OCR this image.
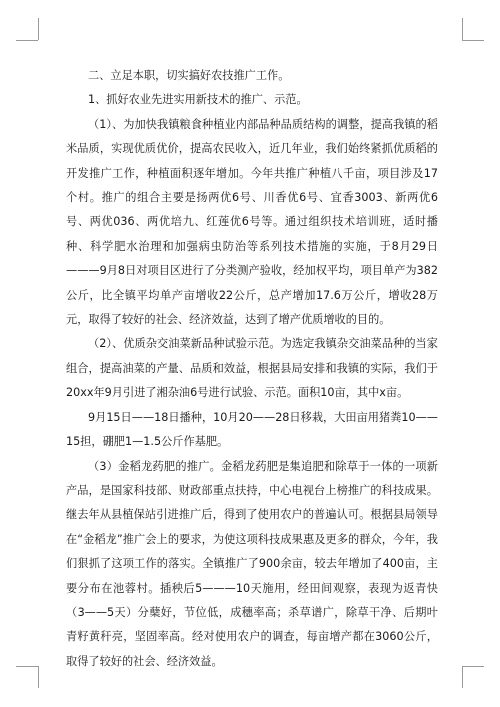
二、立足本职，切实搞好农技推广工作。

1、抓好农业先进实用新技术的推广、示范。

（1）、为加快我镇粮食种植业内部品种品质结构的调整，提高我镇的稻米品质，实现优质优价，提高农民收入，近几年业，我们始终紧抓优质稻的开发推广工作，种植面积逐年增加。今年共推广种植八千亩，项目涉及17个村。推广的组合主要是扬两优6号、川香优6号、宜香3003、新两优6号、两优036、两优培九、红莲优6号等。通过组织技术培训班，适时播种、科学肥水治理和加强病虫防治等系列技术措施的实施，于8月29日———9月8日对项目区进行了分类测产验收，经加权平均，项目单产为382公斤，比全镇平均单产亩增收22公斤，总产增加17.6万公斤，增收28万元，取得了较好的社会、经济效益，达到了增产优质增收的目的。

（2）、优质杂交油菜新品种试验示范。为选定我镇杂交油菜品种的当家组合，提高油菜的产量、品质和效益，根据县局安排和我镇的实际，我们于20xx年9月引进了湘杂油6号进行试验、示范。面积10亩，其中x亩。

9月15日——18日播种，10月20——28日移栽，大田亩用猪粪10——15担，硼肥1—1.5公斤作基肥。

（3）金稻龙药肥的推广。金稻龙药肥是集追肥和除草于一体的一项新产品，是国家科技部、财政部重点扶持，中心电视台上榜推广的科技成果。继去年从县植保站引进推广后，得到了使用农户的普遍认可。根据县局领导在“金稻龙”推广会上的要求，为使这项科技成果惠及更多的群众，今年，我们狠抓了这项工作的落实。全镇推广了900余亩，较去年增加了400亩，主要分布在池蓉村。插秧后5———10天施用，经田间观察，表现为返青快（3——5天）分蘖好，节位低，成穗率高；杀草谱广，除草干净、后期叶青籽黄秆亮，坚固率高。经对使用农户的调查，每亩增产都在3060公斤，取得了较好的社会、经济效益。
